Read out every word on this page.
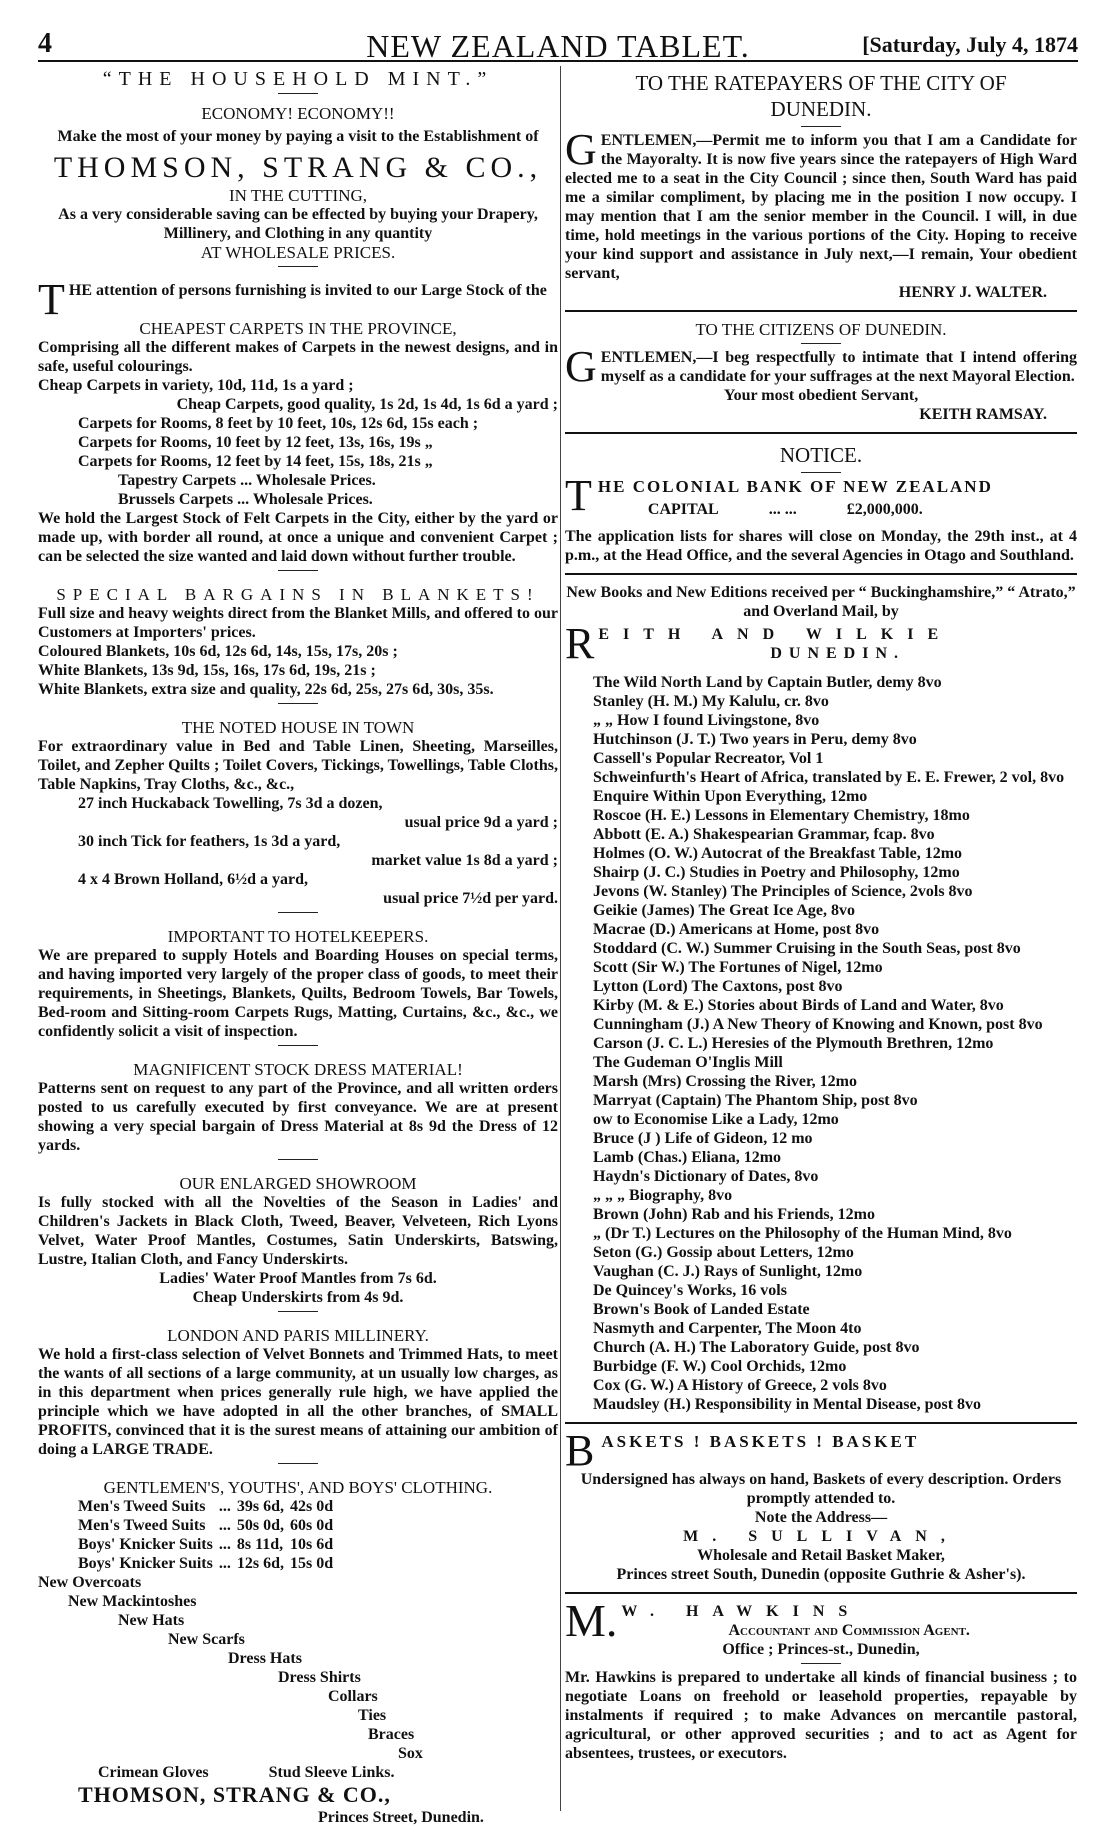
4	NEW ZEALAND TABLET.	[Saturday, July 4, 1874
“THE HOUSEHOLD MINT.”
ECONOMY! ECONOMY!!
Make the most of your money by paying a visit to the Establishment of
THOMSON, STRANG & CO.,
IN THE CUTTING,
As a very considerable saving can be effected by buying your Drapery, Millinery, and Clothing in any quantity
AT WHOLESALE PRICES.
THE attention of persons furnishing is invited to our Large Stock of the
CHEAPEST CARPETS IN THE PROVINCE,
Comprising all the different makes of Carpets in the newest designs, and in safe, useful colourings.
Cheap Carpets in variety, 10d, 11d, 1s a yard ;
Cheap Carpets, good quality, 1s 2d, 1s 4d, 1s 6d a yard ;
Carpets for Rooms, 8 feet by 10 feet, 10s, 12s 6d, 15s each ;
Carpets for Rooms, 10 feet by 12 feet, 13s, 16s, 19s „
Carpets for Rooms, 12 feet by 14 feet, 15s, 18s, 21s „
Tapestry Carpets ... Wholesale Prices.
Brussels Carpets ... Wholesale Prices.
We hold the Largest Stock of Felt Carpets in the City, either by the yard or made up, with border all round, at once a unique and convenient Carpet ; can be selected the size wanted and laid down without further trouble.
SPECIAL BARGAINS IN BLANKETS!
Full size and heavy weights direct from the Blanket Mills, and offered to our Customers at Importers' prices.
Coloured Blankets, 10s 6d, 12s 6d, 14s, 15s, 17s, 20s ;
White Blankets, 13s 9d, 15s, 16s, 17s 6d, 19s, 21s ;
White Blankets, extra size and quality, 22s 6d, 25s, 27s 6d, 30s, 35s.
THE NOTED HOUSE IN TOWN
For extraordinary value in Bed and Table Linen, Sheeting, Marseilles, Toilet, and Zepher Quilts ; Toilet Covers, Tickings, Towellings, Table Cloths, Table Napkins, Tray Cloths, &c., &c.,
27 inch Huckaback Towelling, 7s 3d a dozen,
usual price 9d a yard ;
30 inch Tick for feathers, 1s 3d a yard,
market value 1s 8d a yard ;
4 x 4 Brown Holland, 6½d a yard,
usual price 7½d per yard.
IMPORTANT TO HOTELKEEPERS.
We are prepared to supply Hotels and Boarding Houses on special terms, and having imported very largely of the proper class of goods, to meet their requirements, in Sheetings, Blankets, Quilts, Bedroom Towels, Bar Towels, Bed-room and Sitting-room Carpets Rugs, Matting, Curtains, &c., &c., we confidently solicit a visit of inspection.
MAGNIFICENT STOCK DRESS MATERIAL!
Patterns sent on request to any part of the Province, and all written orders posted to us carefully executed by first conveyance. We are at present showing a very special bargain of Dress Material at 8s 9d the Dress of 12 yards.
OUR ENLARGED SHOWROOM
Is fully stocked with all the Novelties of the Season in Ladies' and Children's Jackets in Black Cloth, Tweed, Beaver, Velveteen, Rich Lyons Velvet, Water Proof Mantles, Costumes, Satin Underskirts, Batswing, Lustre, Italian Cloth, and Fancy Underskirts.
Ladies' Water Proof Mantles from 7s 6d.
Cheap Underskirts from 4s 9d.
LONDON AND PARIS MILLINERY.
We hold a first-class selection of Velvet Bonnets and Trimmed Hats, to meet the wants of all sections of a large community, at un usually low charges, as in this department when prices generally rule high, we have applied the principle which we have adopted in all the other branches, of SMALL PROFITS, convinced that it is the surest means of attaining our ambition of doing a LARGE TRADE.
GENTLEMEN'S, YOUTHS', AND BOYS' CLOTHING.
Men's Tweed Suits	...	39s 6d,	42s 0d
Men's Tweed Suits	...	50s 0d,	60s 0d
Boys' Knicker Suits	...	8s 11d,	10s 6d
Boys' Knicker Suits	...	12s 6d,	15s 0d
New Overcoats
New Mackintoshes
New Hats
New Scarfs
Dress Hats
Dress Shirts
Collars
Ties
Braces
Sox
Crimean Gloves	Stud Sleeve Links.
THOMSON, STRANG & CO.,
Princes Street, Dunedin.
TO THE RATEPAYERS OF THE CITY OF DUNEDIN.
GENTLEMEN,—Permit me to inform you that I am a Candidate for the Mayoralty. It is now five years since the ratepayers of High Ward elected me to a seat in the City Council ; since then, South Ward has paid me a similar compliment, by placing me in the position I now occupy. I may mention that I am the senior member in the Council. I will, in due time, hold meetings in the various portions of the City. Hoping to receive your kind support and assistance in July next,—I remain, Your obedient servant,
HENRY J. WALTER.
TO THE CITIZENS OF DUNEDIN.
GENTLEMEN,—I beg respectfully to intimate that I intend offering myself as a candidate for your suffrages at the next Mayoral Election.
Your most obedient Servant,
KEITH RAMSAY.
NOTICE.
THE COLONIAL BANK OF NEW ZEALAND
CAPITAL	... ...	£2,000,000.
The application lists for shares will close on Monday, the 29th inst., at 4 p.m., at the Head Office, and the several Agencies in Otago and Southland.
New Books and New Editions received per “ Buckinghamshire,” “ Atrato,” and Overland Mail, by
REITH AND WILKIE
DUNEDIN.
The Wild North Land by Captain Butler, demy 8vo
Stanley (H. M.) My Kalulu, cr. 8vo
„ „ How I found Livingstone, 8vo
Hutchinson (J. T.) Two years in Peru, demy 8vo
Cassell's Popular Recreator, Vol 1
Schweinfurth's Heart of Africa, translated by E. E. Frewer, 2 vol, 8vo
Enquire Within Upon Everything, 12mo
Roscoe (H. E.) Lessons in Elementary Chemistry, 18mo
Abbott (E. A.) Shakespearian Grammar, fcap. 8vo
Holmes (O. W.) Autocrat of the Breakfast Table, 12mo
Shairp (J. C.) Studies in Poetry and Philosophy, 12mo
Jevons (W. Stanley) The Principles of Science, 2vols 8vo
Geikie (James) The Great Ice Age, 8vo
Macrae (D.) Americans at Home, post 8vo
Stoddard (C. W.) Summer Cruising in the South Seas, post 8vo
Scott (Sir W.) The Fortunes of Nigel, 12mo
Lytton (Lord) The Caxtons, post 8vo
Kirby (M. & E.) Stories about Birds of Land and Water, 8vo
Cunningham (J.) A New Theory of Knowing and Known, post 8vo
Carson (J. C. L.) Heresies of the Plymouth Brethren, 12mo
The Gudeman O'Inglis Mill
Marsh (Mrs) Crossing the River, 12mo
Marryat (Captain) The Phantom Ship, post 8vo
ow to Economise Like a Lady, 12mo
Bruce (J ) Life of Gideon, 12 mo
Lamb (Chas.) Eliana, 12mo
Haydn's Dictionary of Dates, 8vo
„ „ „ Biography, 8vo
Brown (John) Rab and his Friends, 12mo
„ (Dr T.) Lectures on the Philosophy of the Human Mind, 8vo
Seton (G.) Gossip about Letters, 12mo
Vaughan (C. J.) Rays of Sunlight, 12mo
De Quincey's Works, 16 vols
Brown's Book of Landed Estate
Nasmyth and Carpenter, The Moon 4to
Church (A. H.) The Laboratory Guide, post 8vo
Burbidge (F. W.) Cool Orchids, 12mo
Cox (G. W.) A History of Greece, 2 vols 8vo
Maudsley (H.) Responsibility in Mental Disease, post 8vo
BASKETS ! BASKETS ! BASKET
Undersigned has always on hand, Baskets of every description. Orders promptly attended to.
Note the Address—
M. SULLIVAN,
Wholesale and Retail Basket Maker,
Princes street South, Dunedin (opposite Guthrie & Asher's).
M. W. HAWKINS
Accountant and Commission Agent.
Office ; Princes-st., Dunedin,
Mr. Hawkins is prepared to undertake all kinds of financial business ; to negotiate Loans on freehold or leasehold properties, repayable by instalments if required ; to make Advances on mercantile pastoral, agricultural, or other approved securities ; and to act as Agent for absentees, trustees, or executors.
